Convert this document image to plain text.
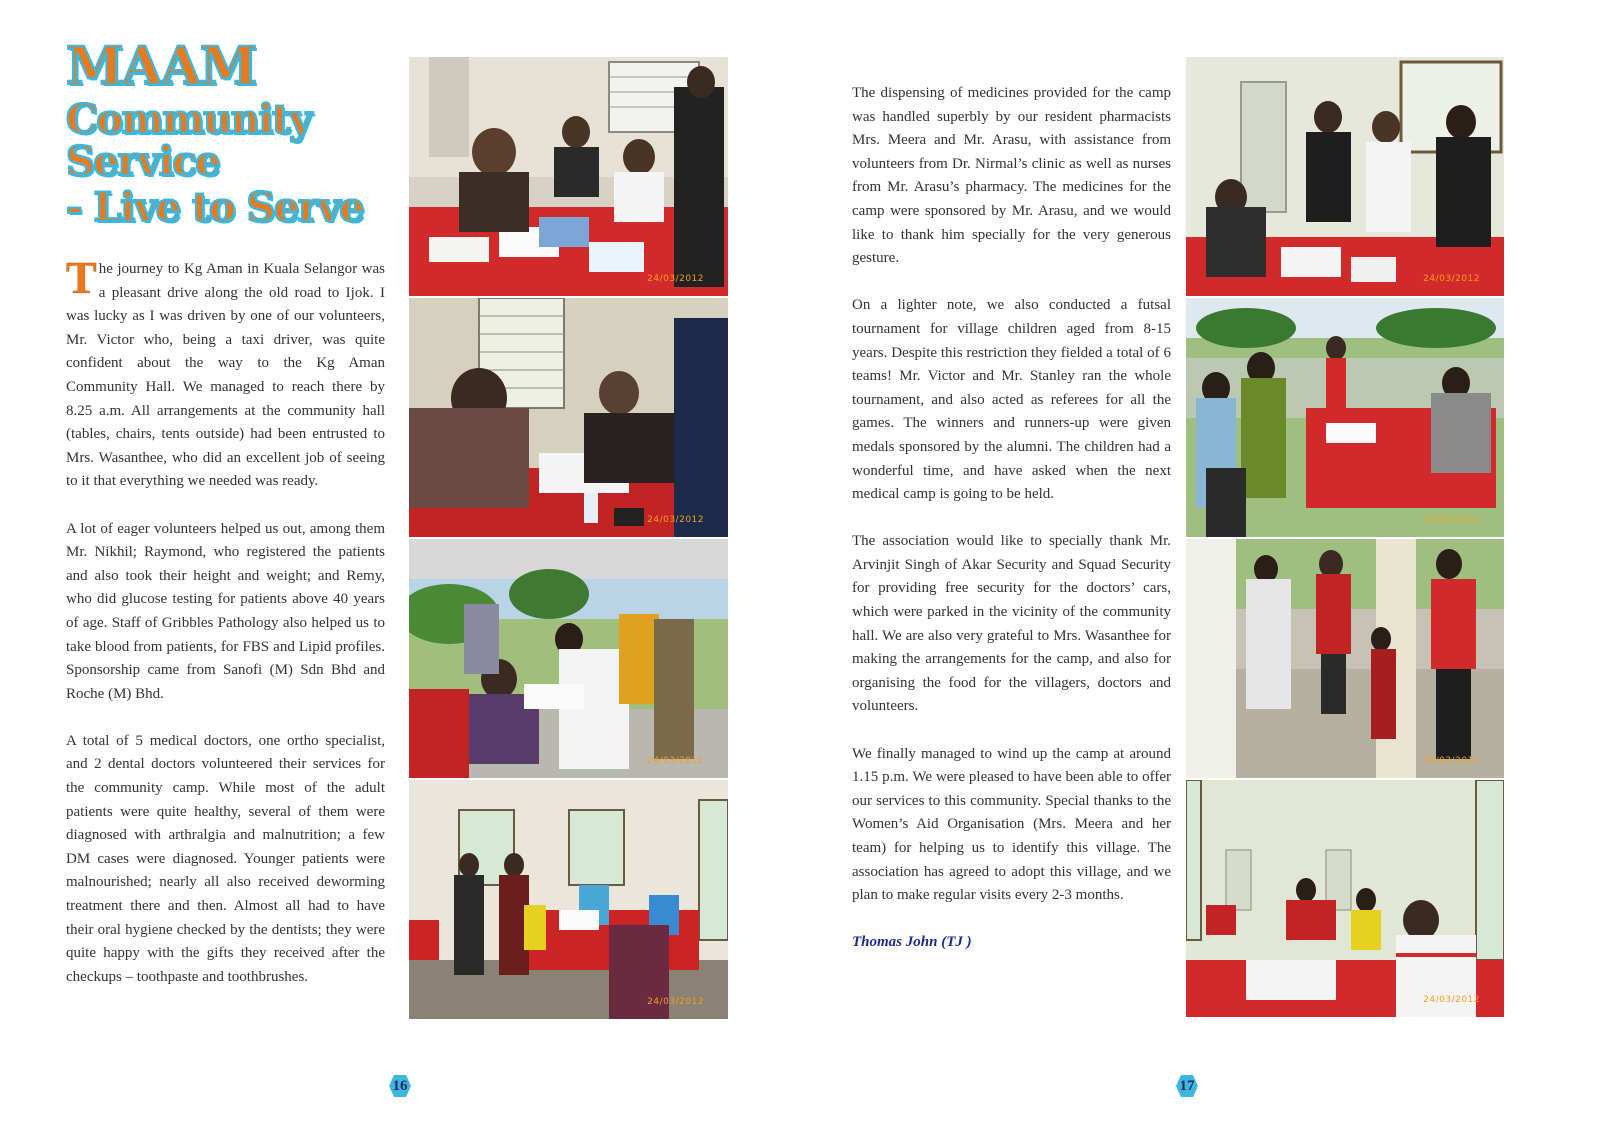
MAAM
Community Service
- Live to Serve

The journey to Kg Aman in Kuala Selangor was a pleasant drive along the old road to Ijok. I was lucky as I was driven by one of our volunteers, Mr. Victor who, being a taxi driver, was quite confident about the way to the Kg Aman Community Hall. We managed to reach there by 8.25 a.m. All arrangements at the community hall (tables, chairs, tents outside) had been entrusted to Mrs. Wasanthee, who did an excellent job of seeing to it that everything we needed was ready.

A lot of eager volunteers helped us out, among them Mr. Nikhil; Raymond, who registered the patients and also took their height and weight; and Remy, who did glucose testing for patients above 40 years of age. Staff of Gribbles Pathology also helped us to take blood from patients, for FBS and Lipid profiles. Sponsorship came from Sanofi (M) Sdn Bhd and Roche (M) Bhd.

A total of 5 medical doctors, one ortho specialist, and 2 dental doctors volunteered their services for the community camp. While most of the adult patients were quite healthy, several of them were diagnosed with arthralgia and malnutrition; a few DM cases were diagnosed. Younger patients were malnourished; nearly all also received deworming treatment there and then. Almost all had to have their oral hygiene checked by the dentists; they were quite happy with the gifts they received after the checkups – toothpaste and toothbrushes.

24/03/2012
24/03/2012
24/03/2012
24/03/2012
16

The dispensing of medicines provided for the camp was handled superbly by our resident pharmacists Mrs. Meera and Mr. Arasu, with assistance from volunteers from Dr. Nirmal’s clinic as well as nurses from Mr. Arasu’s pharmacy. The medicines for the camp were sponsored by Mr. Arasu, and we would like to thank him specially for the very generous gesture.

On a lighter note, we also conducted a futsal tournament for village children aged from 8-15 years. Despite this restriction they fielded a total of 6 teams! Mr. Victor and Mr. Stanley ran the whole tournament, and also acted as referees for all the games. The winners and runners-up were given medals sponsored by the alumni. The children had a wonderful time, and have asked when the next medical camp is going to be held.

The association would like to specially thank Mr. Arvinjit Singh of Akar Security and Squad Security for providing free security for the doctors’ cars, which were parked in the vicinity of the community hall. We are also very grateful to Mrs. Wasanthee for making the arrangements for the camp, and also for organising the food for the villagers, doctors and volunteers.

We finally managed to wind up the camp at around 1.15 p.m. We were pleased to have been able to offer our services to this community. Special thanks to the Women’s Aid Organisation (Mrs. Meera and her team) for helping us to identify this village. The association has agreed to adopt this village, and we plan to make regular visits every 2-3 months.

Thomas John (TJ )
24/03/2012
24/03/2012
24/03/2012
24/03/2012
17
